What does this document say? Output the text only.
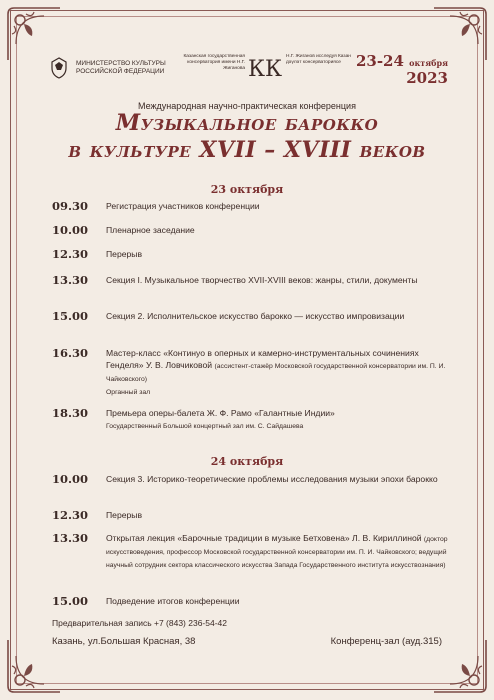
МИНИСТЕРСТВО КУЛЬТУРЫ РОССИЙСКОЙ ФЕДЕРАЦИИ
Казанская государственная консерватория имени Н.Г. Жиганова КК
Н.Г. Жиганов исследуя Казан дәүләт консерваториясе	23-24 октября
2023
Международная научно-практическая конференция
Музыкальное барокко
в культуре XVII – XVIII веков
23 октября
09.30 Регистрация участников конференции
10.00 Пленарное заседание
12.30 Перерыв
13.30 Секция I. Музыкальное творчество XVII-XVIII веков: жанры, стили, документы
15.00 Секция 2. Исполнительское искусство барокко — искусство импровизации
16.30 Мастер-класс «Континуо в оперных и камерно-инструментальных сочинениях Генделя» У. В. Ловчиковой (ассистент-стажёр Московской государственной консерватории им. П. И. Чайковского)
Органный зал
18.30 Премьера оперы-балета Ж. Ф. Рамо «Галантные Индии»
Государственный Большой концертный зал им. С. Сайдашева
24 октября
10.00 Секция 3. Историко-теоретические проблемы исследования музыки эпохи барокко
12.30 Перерыв
13.30 Открытая лекция «Барочные традиции в музыке Бетховена» Л. В. Кириллиной (доктор искусствоведения, профессор Московской государственной консерватории им. П. И. Чайковского; ведущий научный сотрудник сектора классического искусства Запада Государственного института искусствознания)
15.00 Подведение итогов конференции
Предварительная запись +7 (843) 236-54-42
Казань, ул.Большая Красная, 38	Конференц-зал (ауд.315)
